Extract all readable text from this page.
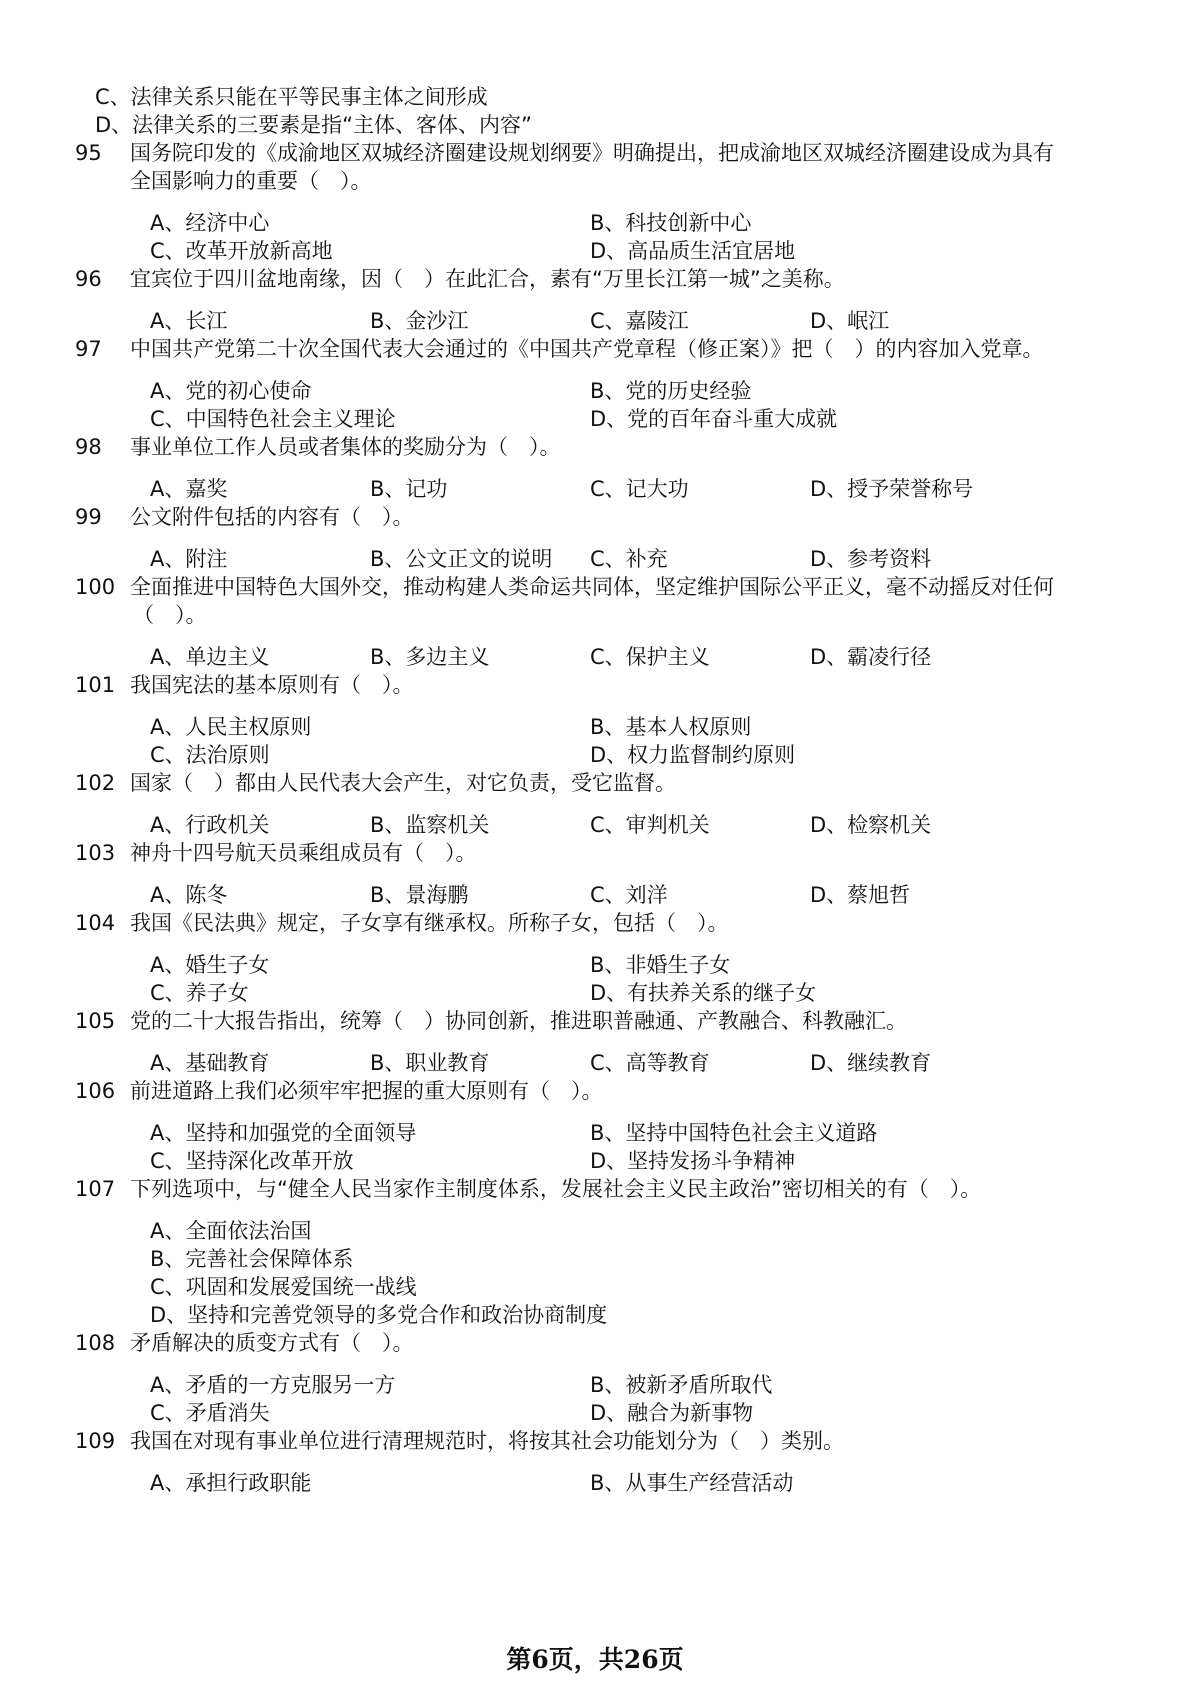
C、法律关系只能在平等民事主体之间形成
D、法律关系的三要素是指“主体、客体、内容”
95 国务院印发的《成渝地区双城经济圈建设规划纲要》明确提出，把成渝地区双城经济圈建设成为具有
全国影响力的重要（　）。
A、经济中心	B、科技创新中心
C、改革开放新高地	D、高品质生活宜居地
96 宜宾位于四川盆地南缘，因（　）在此汇合，素有“万里长江第一城”之美称。
A、长江	B、金沙江	C、嘉陵江	D、岷江
97 中国共产党第二十次全国代表大会通过的《中国共产党章程（修正案）》把（　）的内容加入党章。
A、党的初心使命	B、党的历史经验
C、中国特色社会主义理论	D、党的百年奋斗重大成就
98 事业单位工作人员或者集体的奖励分为（　）。
A、嘉奖	B、记功	C、记大功	D、授予荣誉称号
99 公文附件包括的内容有（　）。
A、附注	B、公文正文的说明 C、补充	D、参考资料
100 全面推进中国特色大国外交，推动构建人类命运共同体，坚定维护国际公平正义，毫不动摇反对任何
（　）。
A、单边主义	B、多边主义	C、保护主义	D、霸凌行径
101 我国宪法的基本原则有（　）。
A、人民主权原则	B、基本人权原则
C、法治原则	D、权力监督制约原则
102 国家（　）都由人民代表大会产生，对它负责，受它监督。
A、行政机关	B、监察机关	C、审判机关	D、检察机关
103 神舟十四号航天员乘组成员有（　）。
A、陈冬	B、景海鹏	C、刘洋	D、蔡旭哲
104 我国《民法典》规定，子女享有继承权。所称子女，包括（　）。
A、婚生子女	B、非婚生子女
C、养子女	D、有扶养关系的继子女
105 党的二十大报告指出，统筹（　）协同创新，推进职普融通、产教融合、科教融汇。
A、基础教育	B、职业教育	C、高等教育	D、继续教育
106 前进道路上我们必须牢牢把握的重大原则有（　）。
A、坚持和加强党的全面领导	B、坚持中国特色社会主义道路
C、坚持深化改革开放	D、坚持发扬斗争精神
107 下列选项中，与“健全人民当家作主制度体系，发展社会主义民主政治”密切相关的有（　）。
A、全面依法治国
B、完善社会保障体系
C、巩固和发展爱国统一战线
D、坚持和完善党领导的多党合作和政治协商制度
108 矛盾解决的质变方式有（　）。
A、矛盾的一方克服另一方	B、被新矛盾所取代
C、矛盾消失	D、融合为新事物
109 我国在对现有事业单位进行清理规范时，将按其社会功能划分为（　）类别。
A、承担行政职能	B、从事生产经营活动
第6页，共26页
